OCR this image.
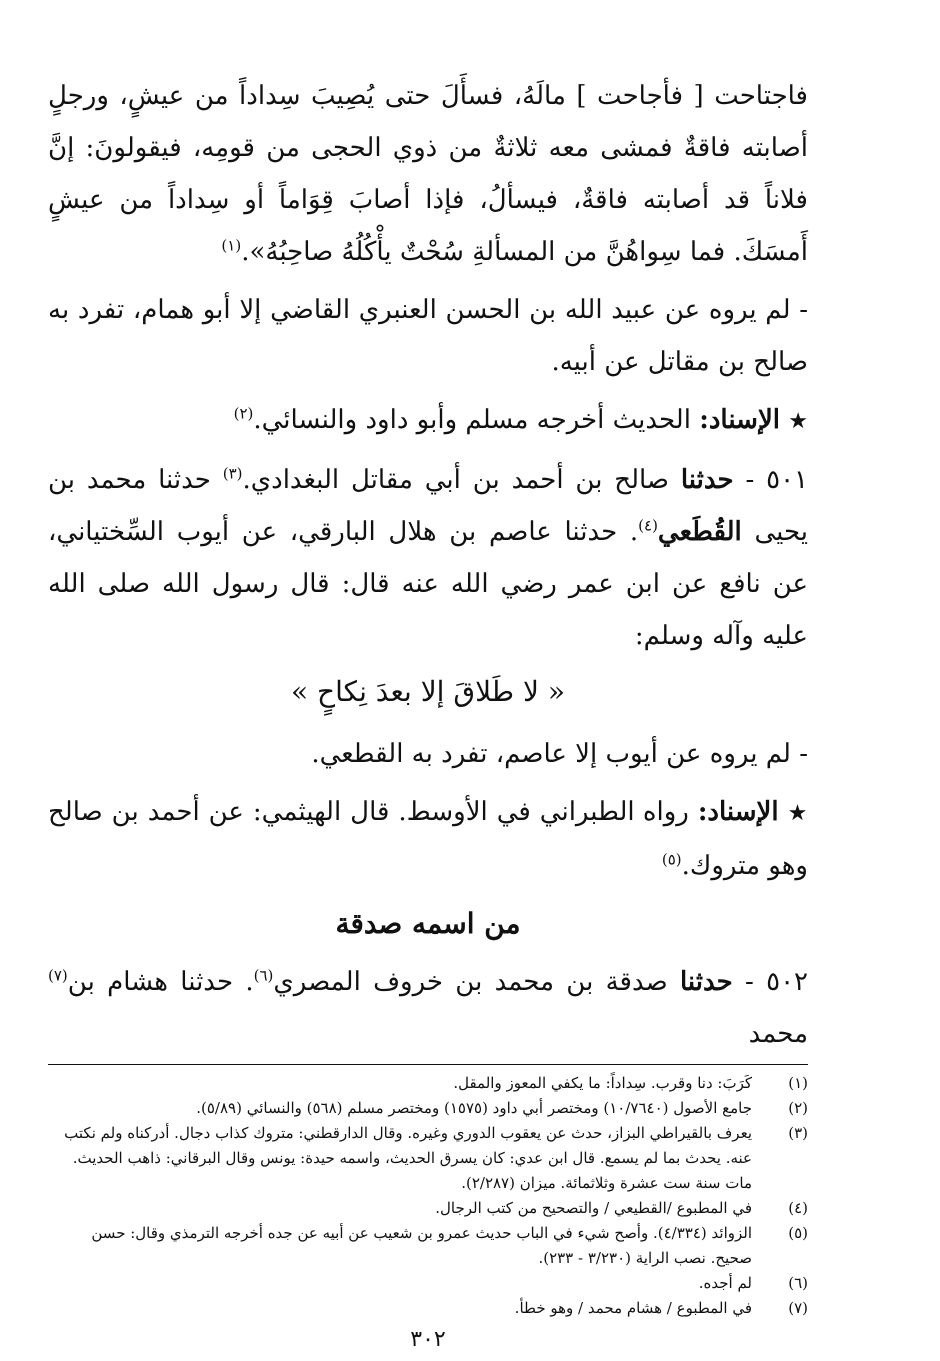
فاجتاحت [ فأجاحت ] مالَهُ، فسأَلَ حتى يُصِيبَ سِداداً من عيشٍ، ورجلٍ أصابته فاقةٌ فمشى معه ثلاثةٌ من ذوي الحجى من قومِه، فيقولونَ: إنَّ فلاناً قد أصابته فاقةٌ، فيسألُ، فإذا أصابَ قِوَاماً أو سِداداً من عيشٍ أَمسَكَ. فما سِواهُنَّ من المسألةِ سُحْتٌ يأْكُلُهُ صاحِبُهُ».$^{(١)}$

- لم يروه عن عبيد الله بن الحسن العنبري القاضي إلا أبو همام، تفرد به صالح بن مقاتل عن أبيه.

★ الإسناد: الحديث أخرجه مسلم وأبو داود والنسائي.$^{(٢)}$

٥٠١ - حدثنا صالح بن أحمد بن أبي مقاتل البغدادي.$^{(٣)}$ حدثنا محمد بن يحيى القُطَعي$^{(٤)}$. حدثنا عاصم بن هلال البارقي، عن أيوب السِّختياني، عن نافع عن ابن عمر رضي الله عنه قال: قال رسول الله صلى الله عليه وآله وسلم:

« لا طَلاقَ إلا بعدَ نِكاحٍ »

- لم يروه عن أيوب إلا عاصم، تفرد به القطعي.

★ الإسناد: رواه الطبراني في الأوسط. قال الهيثمي: عن أحمد بن صالح وهو متروك.$^{(٥)}$

من اسمه صدقة

٥٠٢ - حدثنا صدقة بن محمد بن خروف المصري$^{(٦)}$. حدثنا هشام بن$^{(٧)}$ محمد

(١)
كَرَبَ: دنا وقرب. سِداداً: ما يكفي المعوز والمقل.
(٢)
جامع الأصول (١٠/٧٦٤٠) ومختصر أبي داود (١٥٧٥) ومختصر مسلم (٥٦٨) والنسائي (٥/٨٩).
(٣)
يعرف بالقيراطي البزاز، حدث عن يعقوب الدوري وغيره. وقال الدارقطني: متروك كذاب دجال. أدركناه ولم نكتب عنه. يحدث بما لم يسمع. قال ابن عدي: كان يسرق الحديث، واسمه حيدة: يونس وقال البرقاني: ذاهب الحديث. مات سنة ست عشرة وثلاثمائة. ميزان (٢/٢٨٧).
(٤)
في المطبوع /القطيعي / والتصحيح من كتب الرجال.
(٥)
الزوائد (٤/٣٣٤). وأصح شيء في الباب حديث عمرو بن شعيب عن أبيه عن جده أخرجه الترمذي وقال: حسن صحيح. نصب الراية (٣/٢٣٠ - ٢٣٣).
(٦)
لم أجده.
(٧)
في المطبوع / هشام محمد / وهو خطأ.
٣٠٢
